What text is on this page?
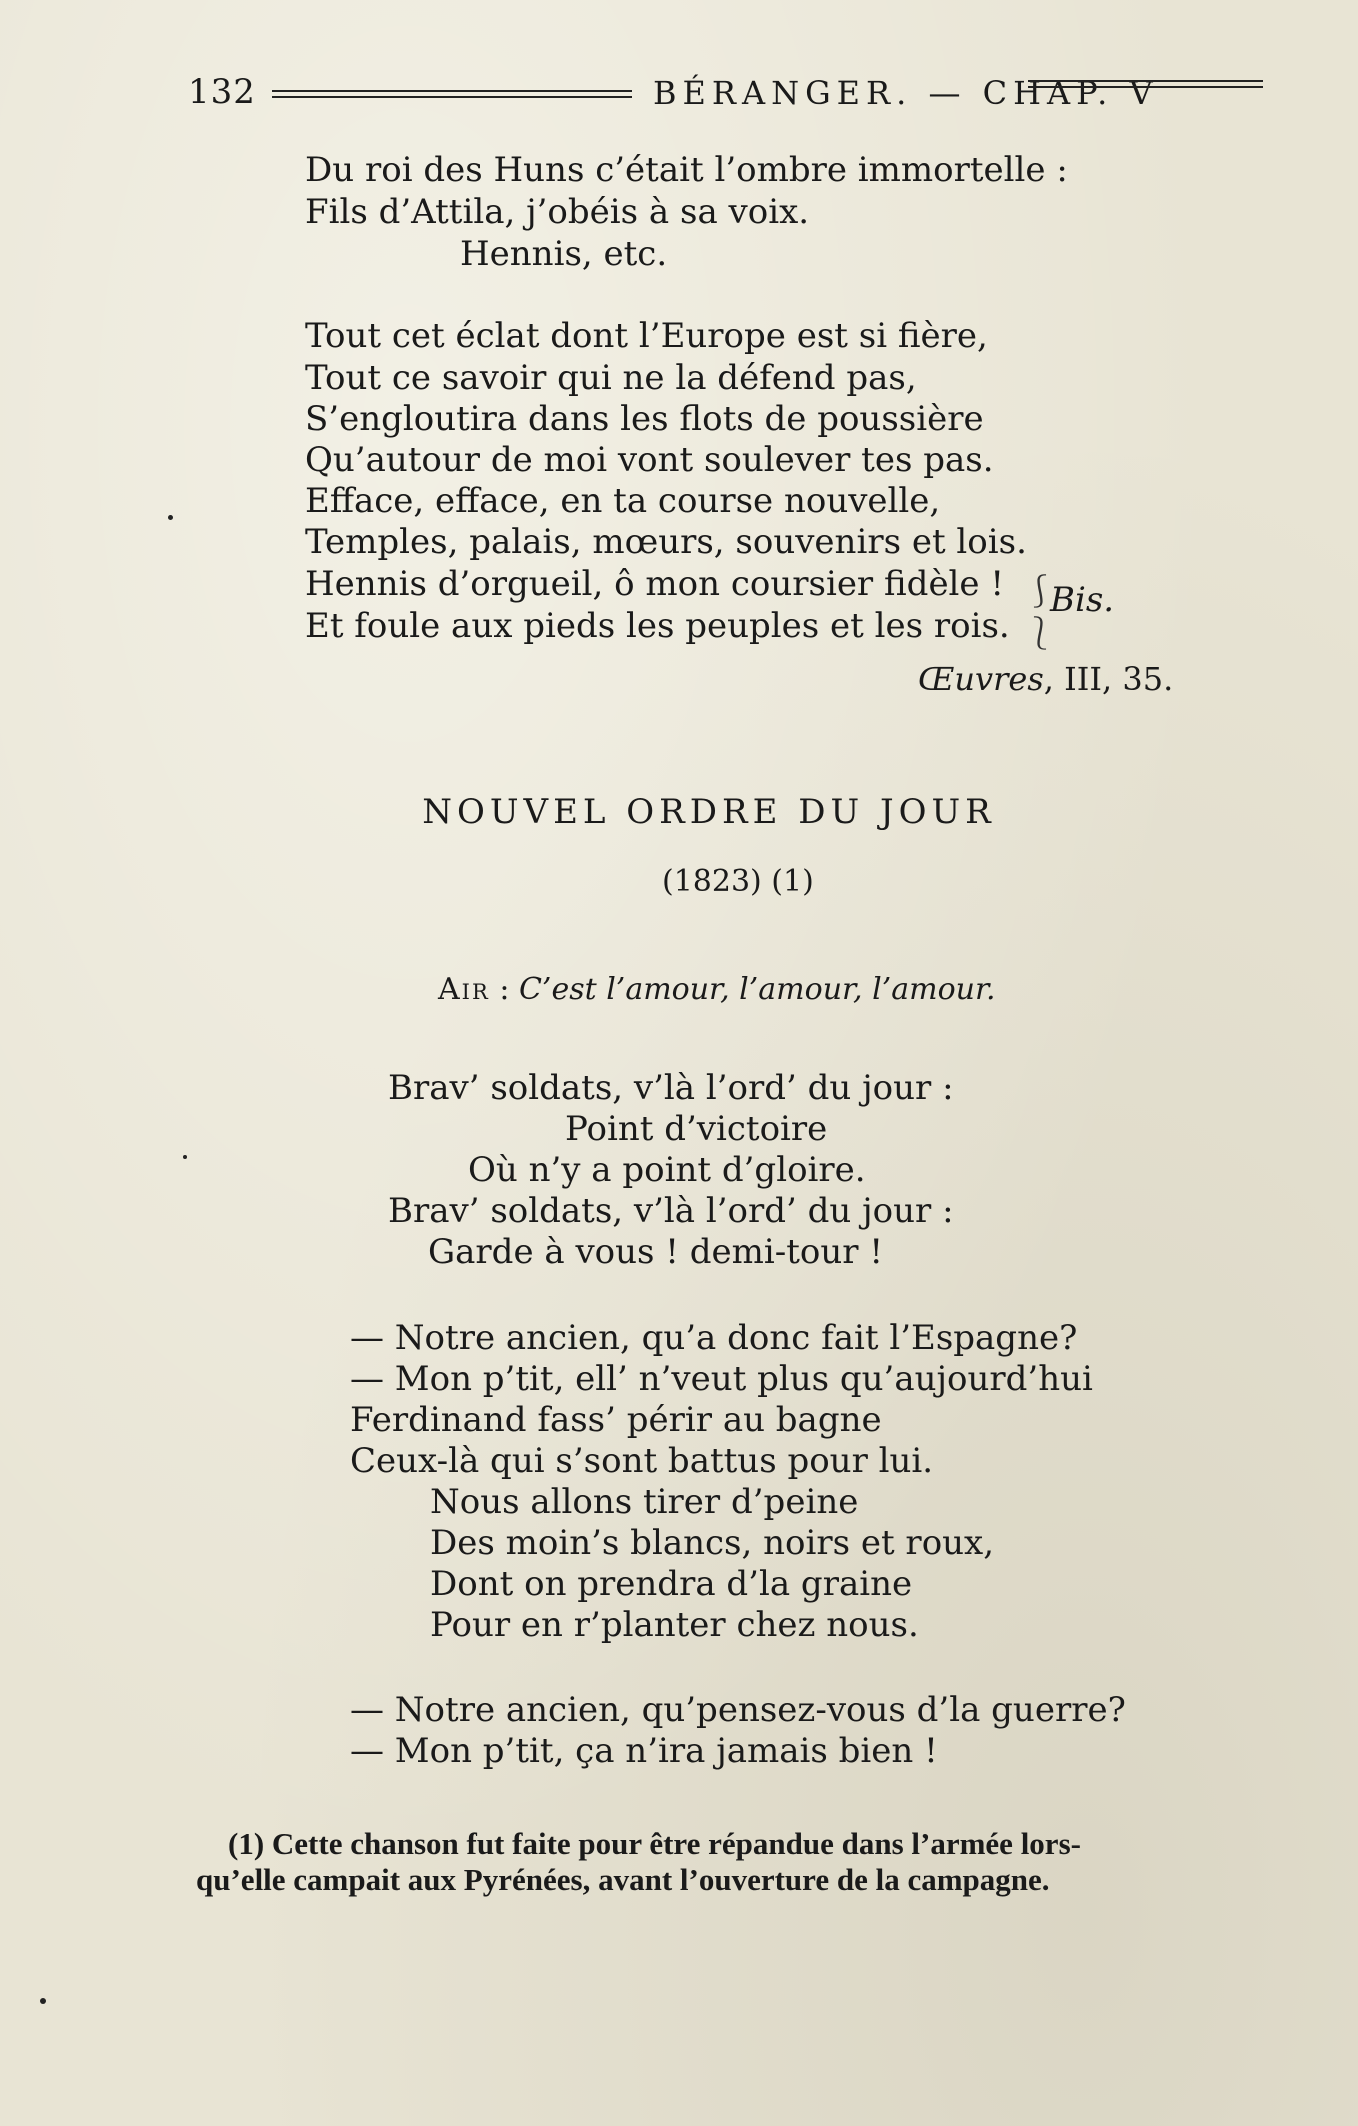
132	BÉRANGER. — CHAP. V
Du roi des Huns c’était l’ombre immortelle :
Fils d’Attila, j’obéis à sa voix.
Hennis, etc.
Tout cet éclat dont l’Europe est si fière,
Tout ce savoir qui ne la défend pas,
S’engloutira dans les flots de poussière
Qu’autour de moi vont soulever tes pas.
Efface, efface, en ta course nouvelle,
Temples, palais, mœurs, souvenirs et lois.
Hennis d’orgueil, ô mon coursier fidèle !
Et foule aux pieds les peuples et les rois.
⎰
⎱
Bis.
Œuvres, III, 35.
NOUVEL ORDRE DU JOUR
(1823) (1)
Air : C’est l’amour, l’amour, l’amour.
Brav’ soldats, v’là l’ord’ du jour :
Point d’victoire
Où n’y a point d’gloire.
Brav’ soldats, v’là l’ord’ du jour :
Garde à vous ! demi-tour !
— Notre ancien, qu’a donc fait l’Espagne?
— Mon p’tit, ell’ n’veut plus qu’aujourd’hui
Ferdinand fass’ périr au bagne
Ceux-là qui s’sont battus pour lui.
Nous allons tirer d’peine
Des moin’s blancs, noirs et roux,
Dont on prendra d’la graine
Pour en r’planter chez nous.
— Notre ancien, qu’pensez-vous d’la guerre?
— Mon p’tit, ça n’ira jamais bien !
(1) Cette chanson fut faite pour être répandue dans l’armée lors-
qu’elle campait aux Pyrénées, avant l’ouverture de la campagne.
